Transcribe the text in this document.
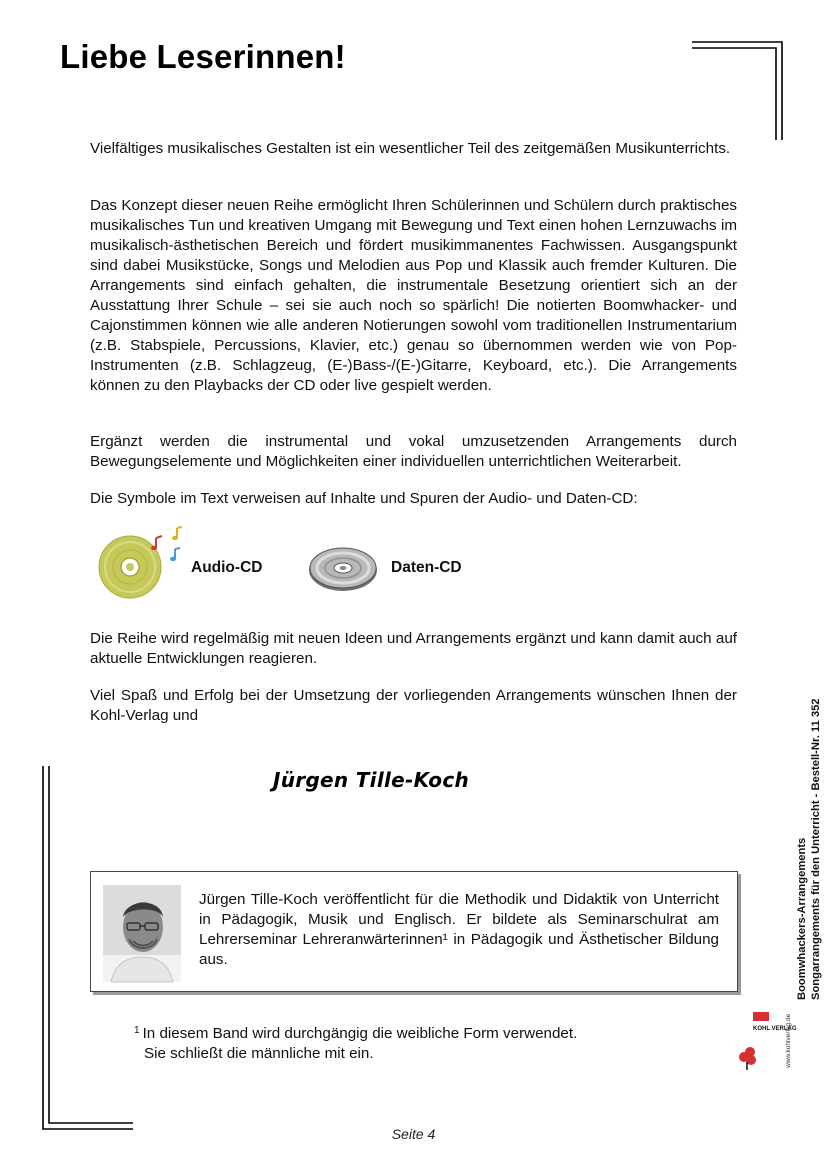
Liebe Leserinnen!

Vielfältiges musikalisches Gestalten ist ein wesentlicher Teil des zeitgemäßen Musikunterrichts.

Das Konzept dieser neuen Reihe ermöglicht Ihren Schülerinnen und Schülern durch praktisches musikalisches Tun und kreativen Umgang mit Bewegung und Text einen hohen Lernzuwachs im musikalisch-ästhetischen Bereich und fördert musikimmanentes Fachwissen. Ausgangspunkt sind dabei Musikstücke, Songs und Melodien aus Pop und Klassik auch fremder Kulturen. Die Arrangements sind einfach gehalten, die instrumentale Besetzung orientiert sich an der Ausstattung Ihrer Schule – sei sie auch noch so spärlich! Die notierten Boomwhacker- und Cajonstimmen können wie alle anderen Notierungen sowohl vom traditionellen Instrumentarium (z.B. Stabspiele, Percussions, Klavier, etc.) genau so übernommen werden wie von Pop-Instrumenten (z.B. Schlagzeug, (E-)Bass-/(E-)Gitarre, Keyboard, etc.). Die Arrangements können zu den Playbacks der CD oder live gespielt werden.

Ergänzt werden die instrumental und vokal umzusetzenden Arrangements durch Bewegungselemente und Möglichkeiten einer individuellen unterrichtlichen Weiterarbeit.

Die Symbole im Text verweisen auf Inhalte und Spuren der Audio- und Daten-CD:

Audio-CD	Daten-CD

Die Reihe wird regelmäßig mit neuen Ideen und Arrangements ergänzt und kann damit auch auf aktuelle Entwicklungen reagieren.

Viel Spaß und Erfolg bei der Umsetzung der vorliegenden Arrangements wünschen Ihnen der Kohl-Verlag und

Jürgen Tille-Koch

Jürgen Tille-Koch veröffentlicht für die Methodik und Didaktik von Unterricht in Pädagogik, Musik und Englisch. Er bildete als Seminarschulrat am Lehrerseminar Lehreranwärterinnen¹ in Pädagogik und Ästhetischer Bildung aus.

$^1$ In diesem Band wird durchgängig die weibliche Form verwendet.
Sie schließt die männliche mit ein.

Seite 4
Boomwhackers-Arrangements Songarrangements für den Unterricht - Bestell-Nr. 11 352
KOHL VERLAG
www.kohlverlag.de
